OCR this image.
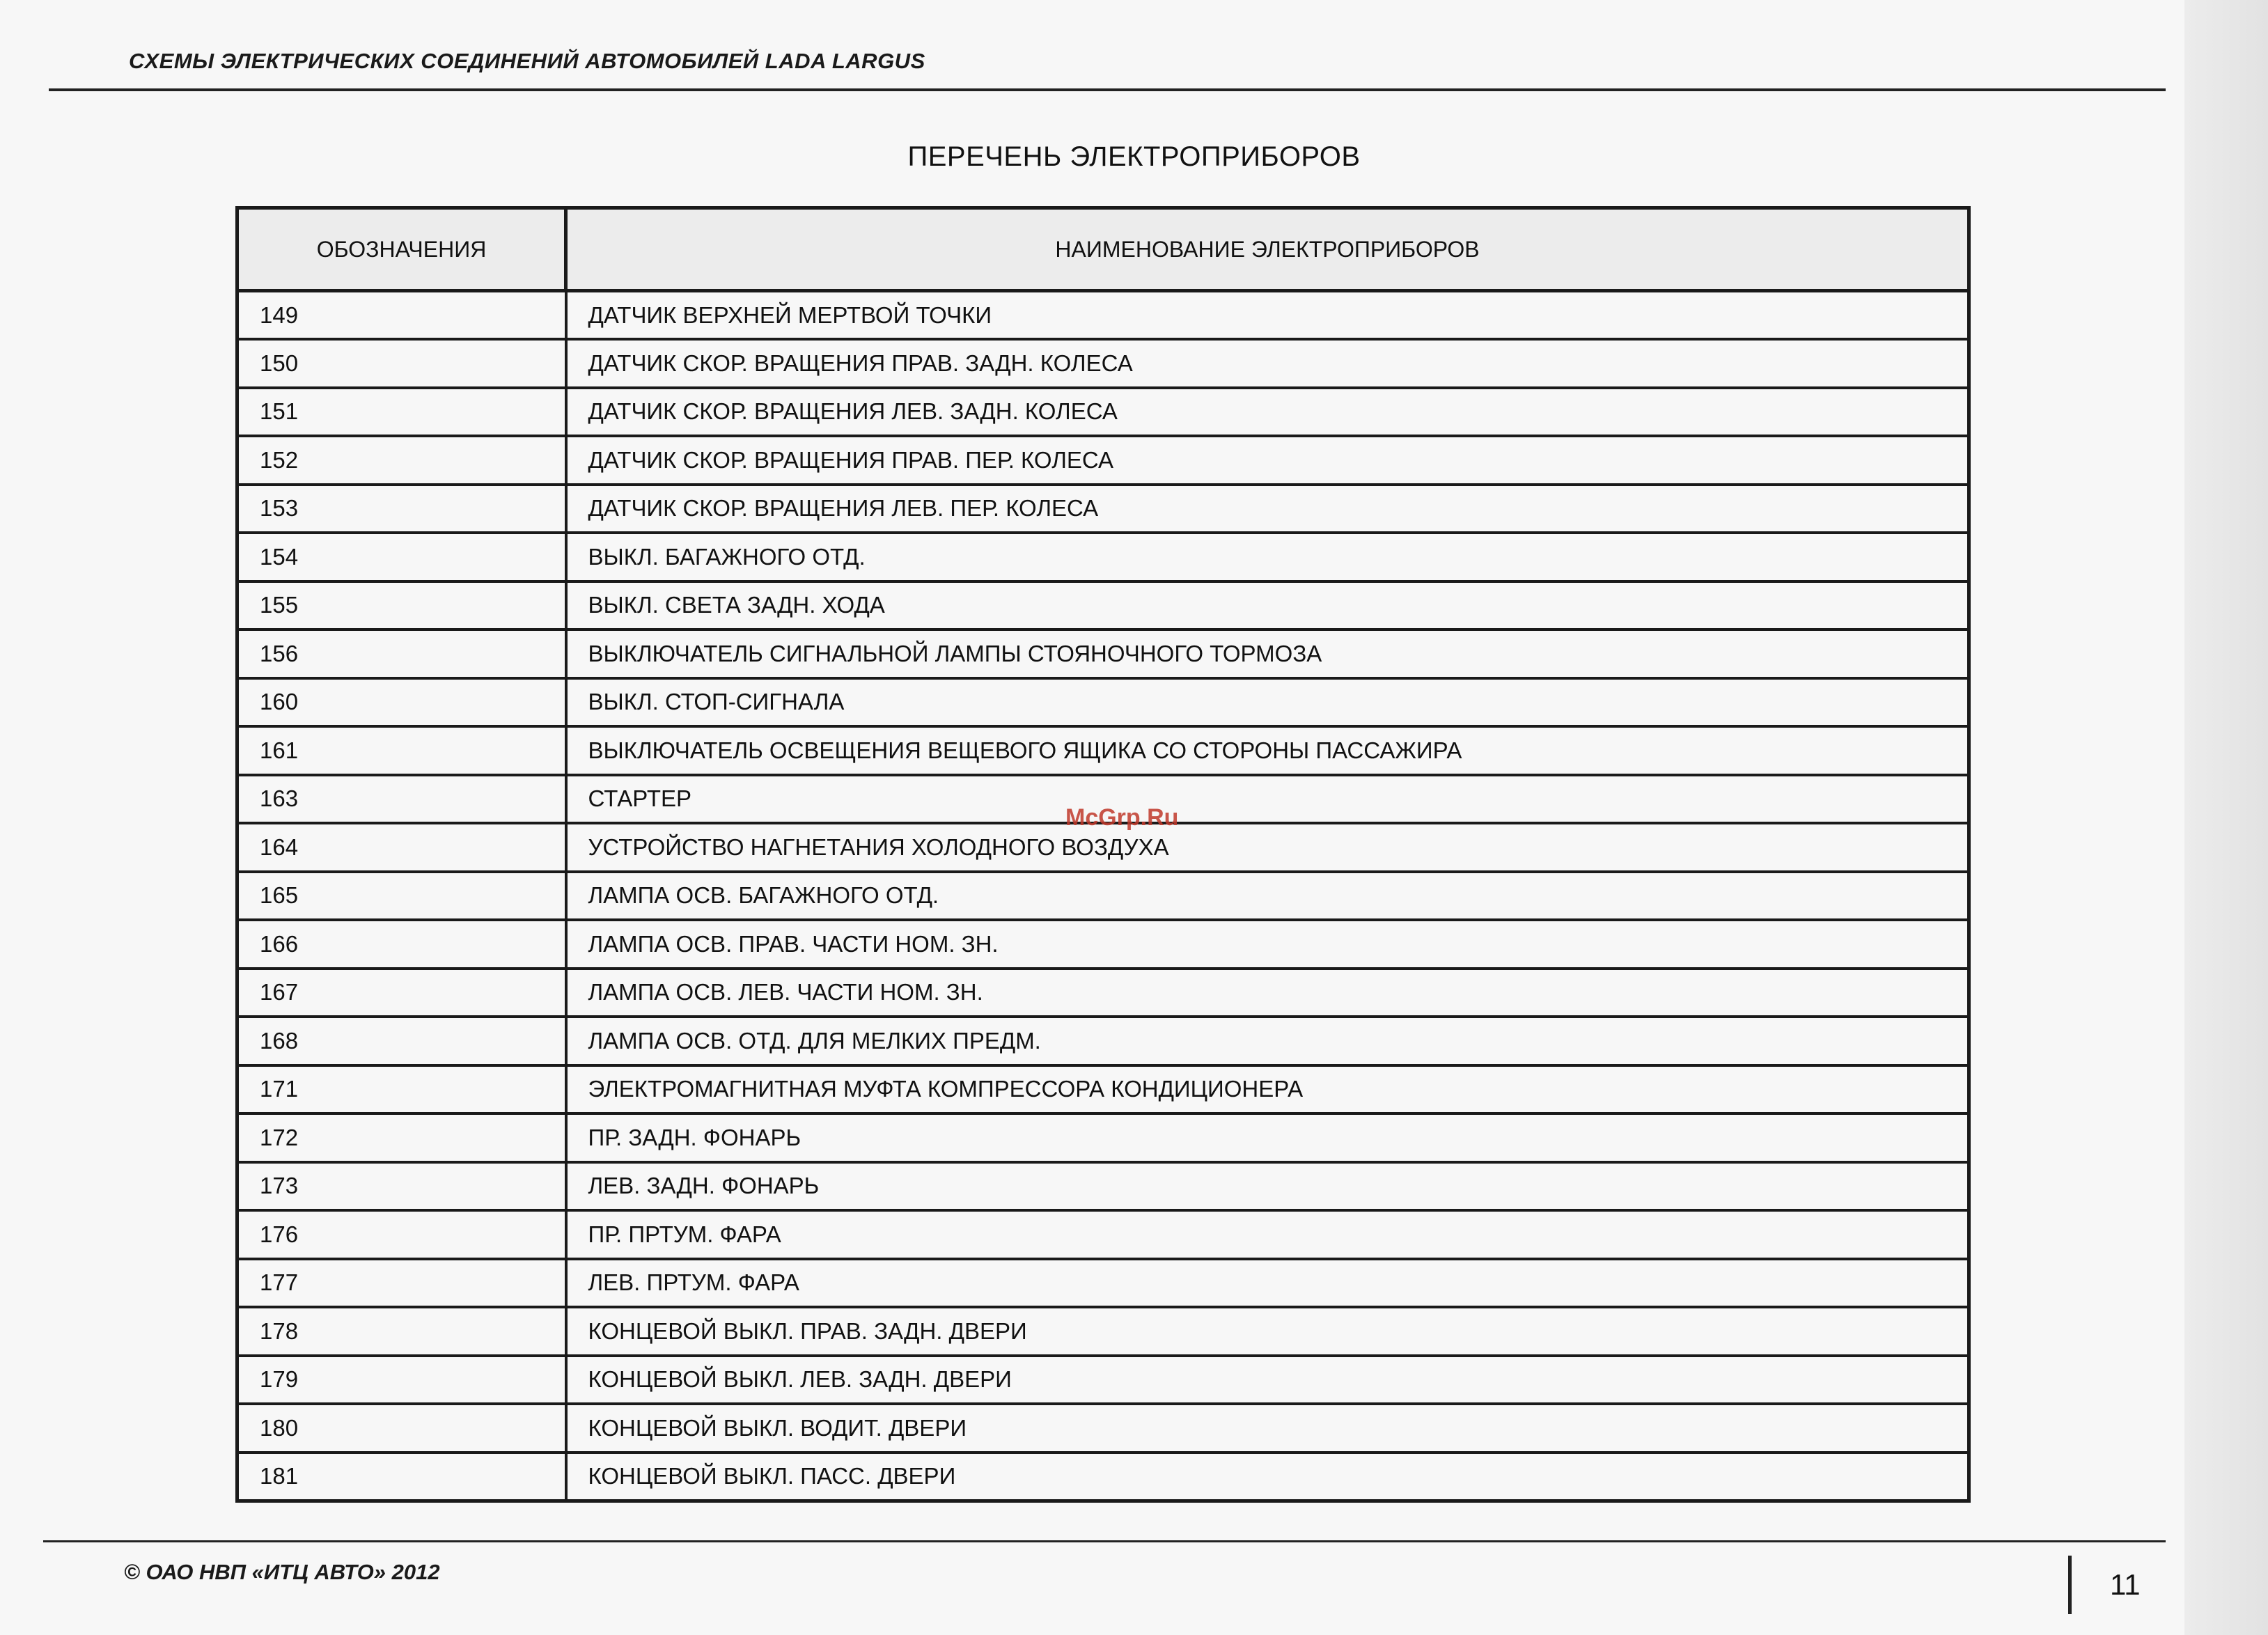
СХЕМЫ ЭЛЕКТРИЧЕСКИХ СОЕДИНЕНИЙ АВТОМОБИЛЕЙ LADA LARGUS
ПЕРЕЧЕНЬ ЭЛЕКТРОПРИБОРОВ
ОБОЗНАЧЕНИЯ	НАИМЕНОВАНИЕ ЭЛЕКТРОПРИБОРОВ
149	ДАТЧИК ВЕРХНЕЙ МЕРТВОЙ ТОЧКИ
150	ДАТЧИК СКОР. ВРАЩЕНИЯ ПРАВ. ЗАДН. КОЛЕСА
151	ДАТЧИК СКОР. ВРАЩЕНИЯ ЛЕВ. ЗАДН. КОЛЕСА
152	ДАТЧИК СКОР. ВРАЩЕНИЯ ПРАВ. ПЕР. КОЛЕСА
153	ДАТЧИК СКОР. ВРАЩЕНИЯ ЛЕВ. ПЕР. КОЛЕСА
154	ВЫКЛ. БАГАЖНОГО ОТД.
155	ВЫКЛ. СВЕТА ЗАДН. ХОДА
156	ВЫКЛЮЧАТЕЛЬ СИГНАЛЬНОЙ ЛАМПЫ СТОЯНОЧНОГО ТОРМОЗА
160	ВЫКЛ. СТОП-СИГНАЛА
161	ВЫКЛЮЧАТЕЛЬ ОСВЕЩЕНИЯ ВЕЩЕВОГО ЯЩИКА СО СТОРОНЫ ПАССАЖИРА
163	СТАРТЕР
164	УСТРОЙСТВО НАГНЕТАНИЯ ХОЛОДНОГО ВОЗДУХА
165	ЛАМПА ОСВ. БАГАЖНОГО ОТД.
166	ЛАМПА ОСВ. ПРАВ. ЧАСТИ НОМ. ЗН.
167	ЛАМПА ОСВ. ЛЕВ. ЧАСТИ НОМ. ЗН.
168	ЛАМПА ОСВ. ОТД. ДЛЯ МЕЛКИХ ПРЕДМ.
171	ЭЛЕКТРОМАГНИТНАЯ МУФТА КОМПРЕССОРА КОНДИЦИОНЕРА
172	ПР. ЗАДН. ФОНАРЬ
173	ЛЕВ. ЗАДН. ФОНАРЬ
176	ПР. ПРТУМ. ФАРА
177	ЛЕВ. ПРТУМ. ФАРА
178	КОНЦЕВОЙ ВЫКЛ. ПРАВ. ЗАДН. ДВЕРИ
179	КОНЦЕВОЙ ВЫКЛ. ЛЕВ. ЗАДН. ДВЕРИ
180	КОНЦЕВОЙ ВЫКЛ. ВОДИТ. ДВЕРИ
181	КОНЦЕВОЙ ВЫКЛ. ПАСС. ДВЕРИ
McGrp.Ru
© ОАО НВП «ИТЦ АВТО» 2012	11
